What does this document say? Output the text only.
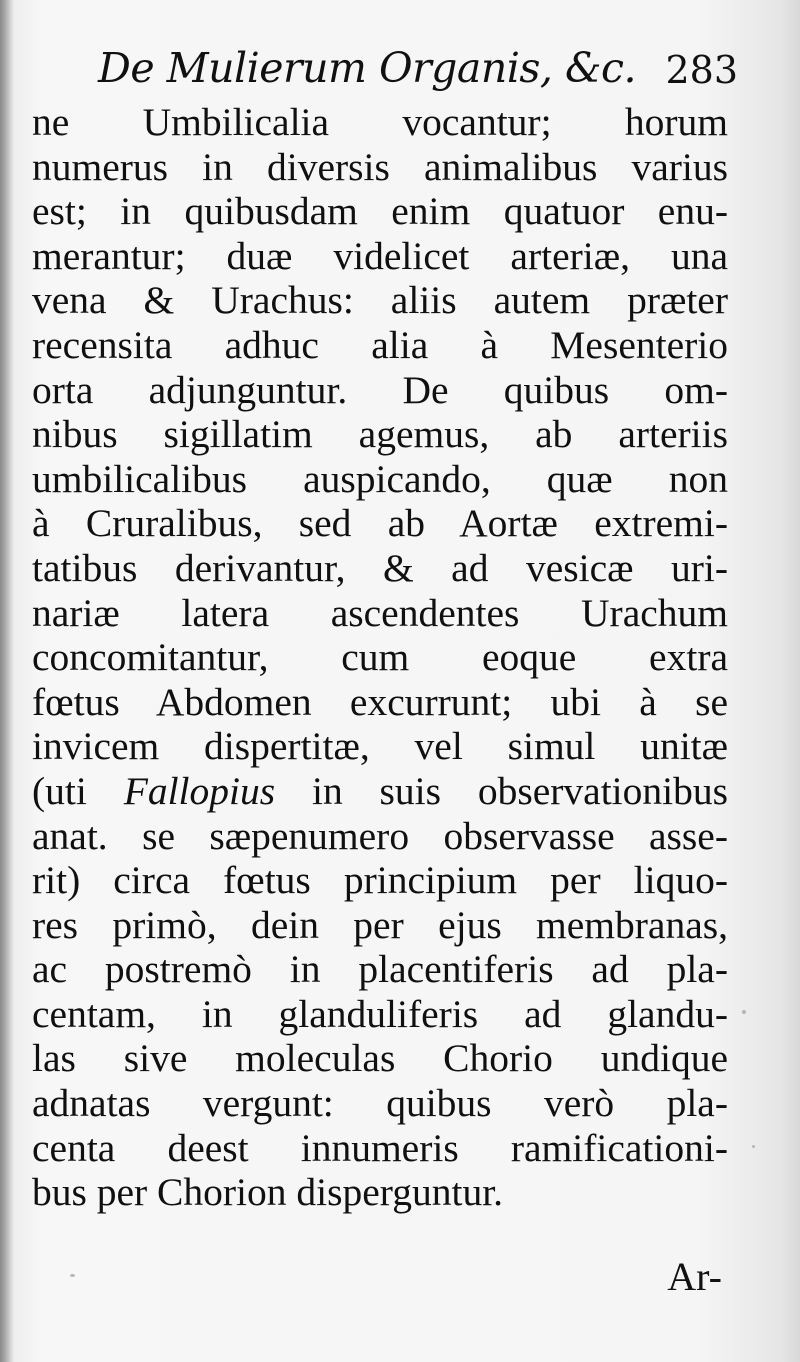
De Mulierum Organis, &c. 283
ne Umbilicalia vocantur; horum
numerus in diversis animalibus varius
est; in quibusdam enim quatuor enu-
merantur; duæ videlicet arteriæ, una
vena & Urachus: aliis autem præter
recensita adhuc alia à Mesenterio
orta adjunguntur. De quibus om-
nibus sigillatim agemus, ab arteriis
umbilicalibus auspicando, quæ non
à Cruralibus, sed ab Aortæ extremi-
tatibus derivantur, & ad vesicæ uri-
nariæ latera ascendentes Urachum
concomitantur, cum eoque extra
fœtus Abdomen excurrunt; ubi à se
invicem dispertitæ, vel simul unitæ
(uti Fallopius in suis observationibus
anat. se sæpenumero observasse asse-
rit) circa fœtus principium per liquo-
res primò, dein per ejus membranas,
ac postremò in placentiferis ad pla-
centam, in glanduliferis ad glandu-
las sive moleculas Chorio undique
adnatas vergunt: quibus verò pla-
centa deest innumeris ramificationi-
bus per Chorion disperguntur.
Ar-
